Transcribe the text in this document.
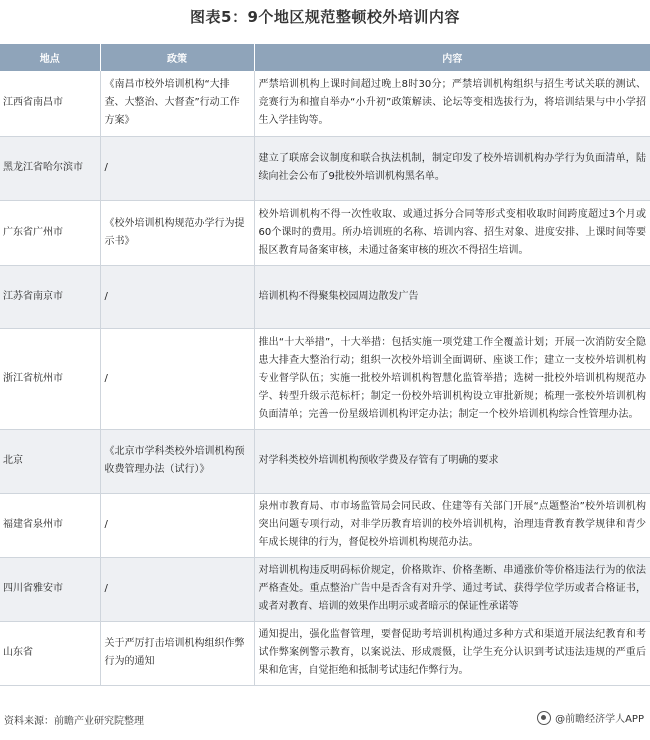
图表5：9个地区规范整顿校外培训内容
地点	政策	内容
江西省南昌市	《南昌市校外培训机构“大排查、大整治、大督查”行动工作方案》	严禁培训机构上课时间超过晚上8时30分；严禁培训机构组织与招生考试关联的测试、竞赛行为和擅自举办“小升初”政策解读、论坛等变相选拔行为，将培训结果与中小学招生入学挂钩等。
黑龙江省哈尔滨市	/	建立了联席会议制度和联合执法机制，制定印发了校外培训机构办学行为负面清单，陆续向社会公布了9批校外培训机构黑名单。
广东省广州市	《校外培训机构规范办学行为提示书》	校外培训机构不得一次性收取、或通过拆分合同等形式变相收取时间跨度超过3个月或60个课时的费用。所办培训班的名称、培训内容、招生对象、进度安排、上课时间等要报区教育局备案审核，未通过备案审核的班次不得招生培训。
江苏省南京市	/	培训机构不得聚集校园周边散发广告
浙江省杭州市	/	推出“十大举措”，十大举措：包括实施一项党建工作全覆盖计划；开展一次消防安全隐患大排查大整治行动；组织一次校外培训全面调研、座谈工作；建立一支校外培训机构专业督学队伍；实施一批校外培训机构智慧化监管举措；选树一批校外培训机构规范办学、转型升级示范标杆；制定一份校外培训机构设立审批新规；梳理一张校外培训机构负面清单；完善一份星级培训机构评定办法；制定一个校外培训机构综合性管理办法。
北京	《北京市学科类校外培训机构预收费管理办法（试行）》	对学科类校外培训机构预收学费及存管有了明确的要求
福建省泉州市	/	泉州市教育局、市市场监管局会同民政、住建等有关部门开展“点题整治”校外培训机构突出问题专项行动，对非学历教育培训的校外培训机构，治理违背教育教学规律和青少年成长规律的行为，督促校外培训机构规范办法。
四川省雅安市	/	对培训机构违反明码标价规定，价格欺诈、价格垄断、串通涨价等价格违法行为的依法严格查处。重点整治广告中是否含有对升学、通过考试、获得学位学历或者合格证书，或者对教育、培训的效果作出明示或者暗示的保证性承诺等
山东省	关于严厉打击培训机构组织作弊行为的通知	通知提出，强化监督管理，要督促助考培训机构通过多种方式和渠道开展法纪教育和考试作弊案例警示教育，以案说法、形成震慑，让学生充分认识到考试违法违规的严重后果和危害，自觉拒绝和抵制考试违纪作弊行为。
资料来源：前瞻产业研究院整理	@前瞻经济学人APP
